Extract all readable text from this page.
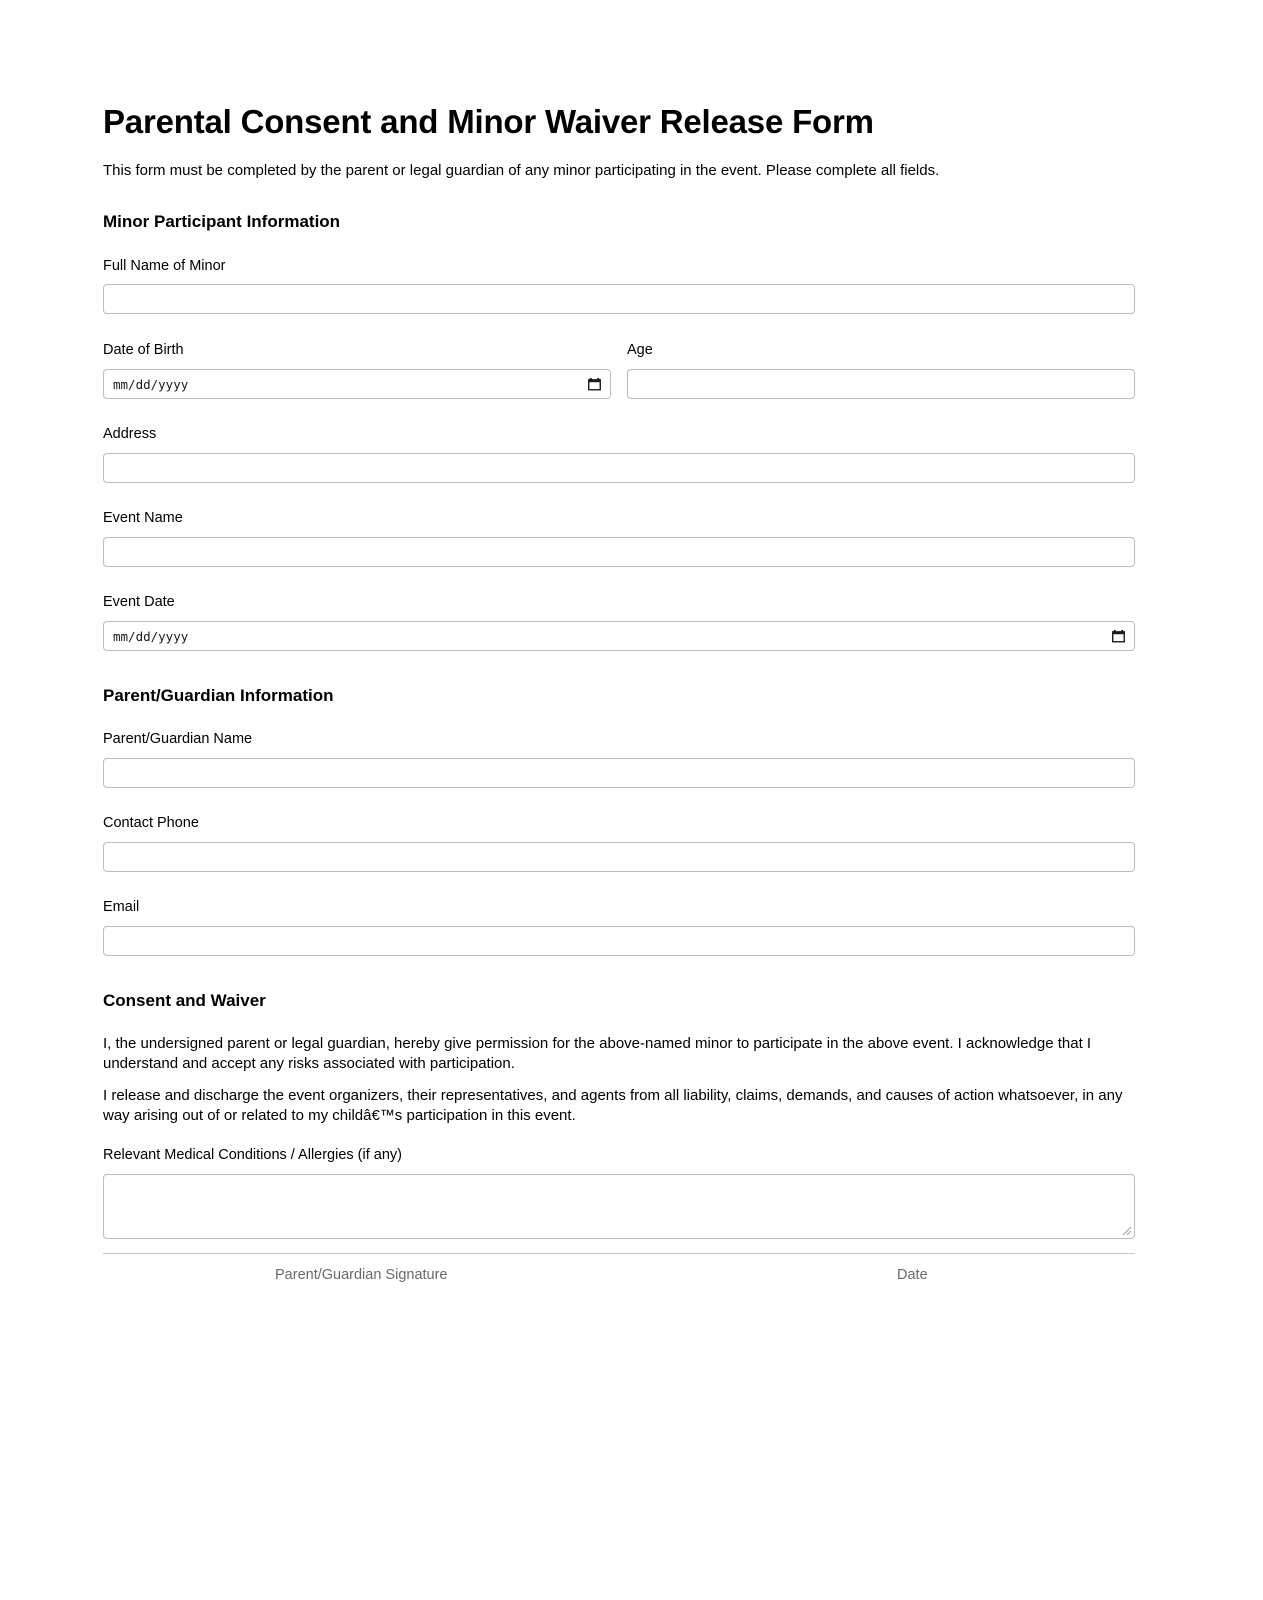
Parental Consent and Minor Waiver Release Form
This form must be completed by the parent or legal guardian of any minor participating in the event. Please complete all fields.
Minor Participant Information
Full Name of Minor
Date of Birth	Age
mm/dd/yyyy
Address
Event Name
Event Date
mm/dd/yyyy
Parent/Guardian Information
Parent/Guardian Name
Contact Phone
Email
Consent and Waiver

I, the undersigned parent or legal guardian, hereby give permission for the above-named minor to participate in the above event. I acknowledge that I understand and accept any risks associated with participation.

I release and discharge the event organizers, their representatives, and agents from all liability, claims, demands, and causes of action whatsoever, in any way arising out of or related to my childâ€™s participation in this event.

Relevant Medical Conditions / Allergies (if any)
Parent/Guardian Signature	Date
